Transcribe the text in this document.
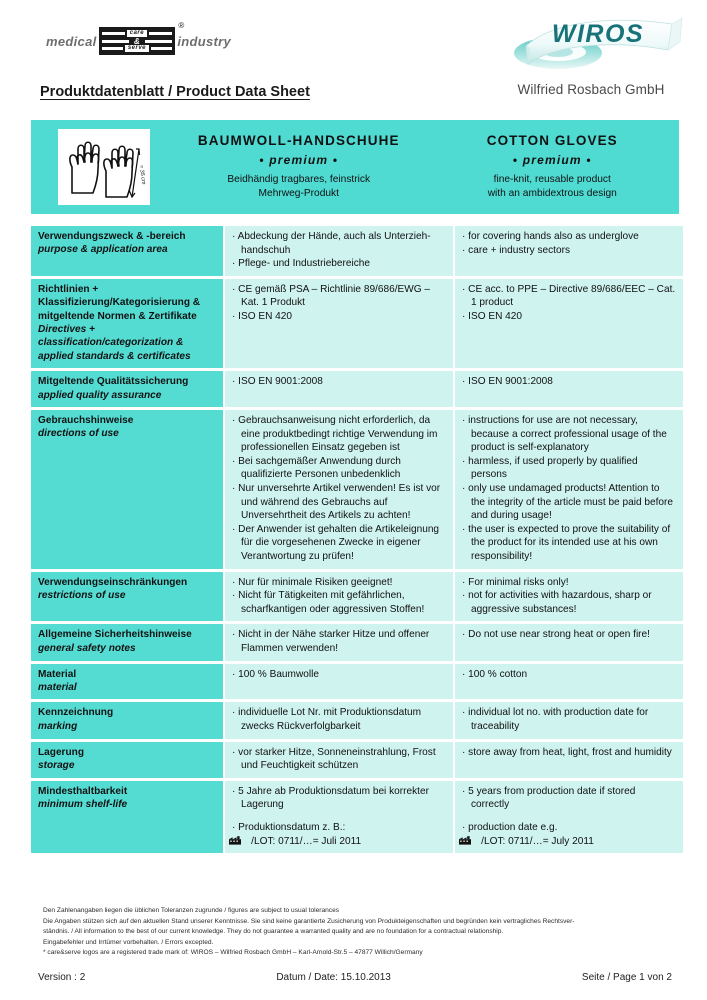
medical
care
&
serve
®
industry	WIROS
Wilfried Rosbach GmbH
Produktdatenblatt / Product Data Sheet
≈ 35 cm
BAUMWOLL-HANDSCHUHE
• premium •
Beidhändig tragbares, feinstrick
Mehrweg-Produkt
COTTON GLOVES
• premium •
fine-knit, reusable product
with an ambidextrous design
Verwendungszweck & -bereich
purpose & application area

· Abdeckung der Hände, auch als Unterzieh-handschuh
· Pflege- und Industriebereiche

· for covering hands also as underglove
· care + industry sectors

Richtlinien + Klassifizierung/Kategorisierung & mitgeltende Normen & Zertifikate
Directives + classification/categorization & applied standards & certificates

· CE gemäß PSA – Richtlinie 89/686/EWG – Kat. 1 Produkt
· ISO EN 420

· CE acc. to PPE – Directive 89/686/EEC – Cat. 1 product
· ISO EN 420

Mitgeltende Qualitätssicherung
applied quality assurance		· ISO EN 9001:2008		· ISO EN 9001:2008

Gebrauchshinweise
directions of use

· Gebrauchsanweisung nicht erforderlich, da eine produktbedingt richtige Verwendung im professionellen Einsatz gegeben ist
· Bei sachgemäßer Anwendung durch qualifizierte Personen unbedenklich
· Nur unversehrte Artikel verwenden! Es ist vor und während des Gebrauchs auf Unversehrtheit des Artikels zu achten!
· Der Anwender ist gehalten die Artikeleignung für die vorgesehenen Zwecke in eigener Verantwortung zu prüfen!

· instructions for use are not necessary, because a correct professional usage of the product is self-explanatory
· harmless, if used properly by qualified persons
· only use undamaged products! Attention to the integrity of the article must be paid before and during usage!
· the user is expected to prove the suitability of the product for its intended use at his own responsibility!

Verwendungseinschränkungen
restrictions of use

· Nur für minimale Risiken geeignet!
· Nicht für Tätigkeiten mit gefährlichen, scharfkantigen oder aggressiven Stoffen!

· For minimal risks only!
· not for activities with hazardous, sharp or aggressive substances!

Allgemeine Sicherheitshinweise
general safety notes		· Nicht in der Nähe starker Hitze und offener Flammen verwenden!		· Do not use near strong heat or open fire!

Material
material		· 100 % Baumwolle		· 100 % cotton

Kennzeichnung
marking		· individuelle Lot Nr. mit Produktionsdatum zwecks Rückverfolgbarkeit		· individual lot no. with production date for traceability

Lagerung
storage		· vor starker Hitze, Sonneneinstrahlung, Frost und Feuchtigkeit schützen		· store away from heat, light, frost and humidity

Mindesthaltbarkeit
minimum shelf-life		· 5 Jahre ab Produktionsdatum bei korrekter Lagerung		· 5 years from production date if stored correctly

· Produktionsdatum z. B.:
/LOT: 0711/…= Juli 2011

· production date e.g.
/LOT: 0711/…= July 2011
Den Zahlenangaben liegen die üblichen Toleranzen zugrunde / figures are subject to usual tolerances
Die Angaben stützen sich auf den aktuellen Stand unserer Kenntnisse. Sie sind keine garantierte Zusicherung von Produkteigenschaften und begründen kein vertragliches Rechtsver-
ständnis. / All information to the best of our current knowledge. They do not guarantee a warranted quality and are no foundation for a contractual relationship.
Eingabefehler und Irrtümer vorbehalten. / Errors excepted.
* care&serve logos are a registered trade mark of: WIROS – Wilfried Rosbach GmbH – Karl-Arnold-Str.5 – 47877 Willich/Germany
Version : 2	Datum / Date: 15.10.2013	Seite / Page 1 von 2
